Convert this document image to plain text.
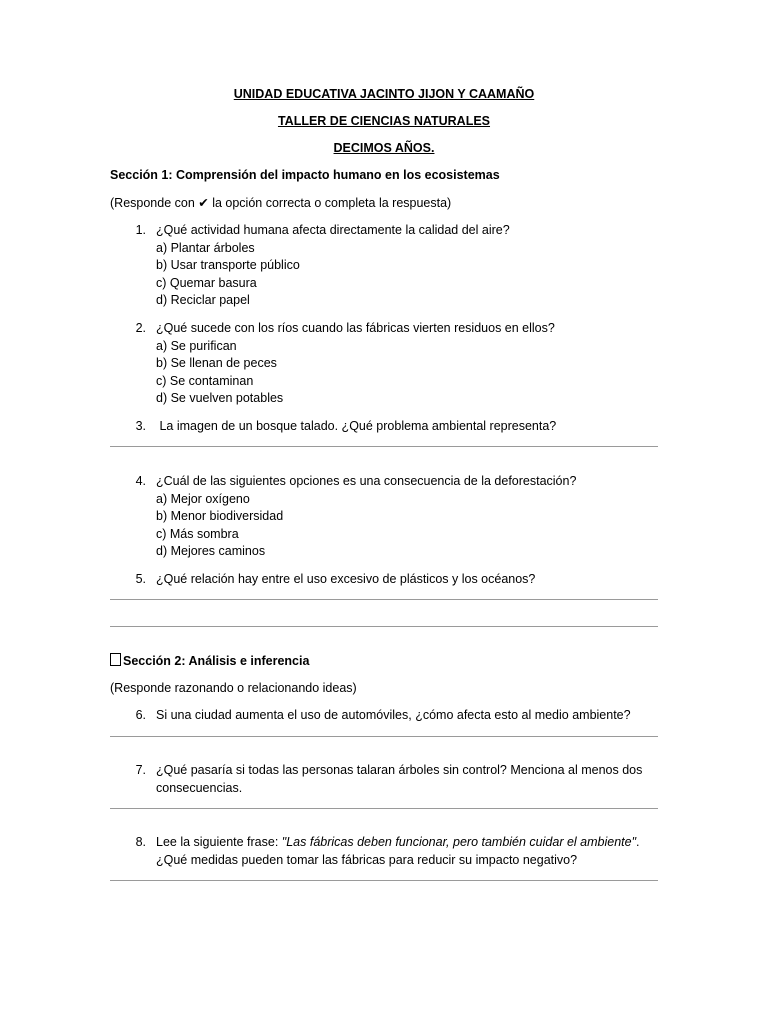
UNIDAD EDUCATIVA JACINTO JIJON Y CAAMAÑO
TALLER DE CIENCIAS NATURALES
DECIMOS AÑOS.
Sección 1: Comprensión del impacto humano en los ecosistemas
(Responde con ✔ la opción correcta o completa la respuesta)
1. ¿Qué actividad humana afecta directamente la calidad del aire?
a) Plantar árboles
b) Usar transporte público
c) Quemar basura
d) Reciclar papel
2. ¿Qué sucede con los ríos cuando las fábricas vierten residuos en ellos?
a) Se purifican
b) Se llenan de peces
c) Se contaminan
d) Se vuelven potables
3. La imagen de un bosque talado. ¿Qué problema ambiental representa?
4. ¿Cuál de las siguientes opciones es una consecuencia de la deforestación?
a) Mejor oxígeno
b) Menor biodiversidad
c) Más sombra
d) Mejores caminos
5. ¿Qué relación hay entre el uso excesivo de plásticos y los océanos?
Sección 2: Análisis e inferencia
(Responde razonando o relacionando ideas)
6. Si una ciudad aumenta el uso de automóviles, ¿cómo afecta esto al medio ambiente?
7. ¿Qué pasaría si todas las personas talaran árboles sin control? Menciona al menos dos
consecuencias.
8. Lee la siguiente frase: "Las fábricas deben funcionar, pero también cuidar el ambiente".
¿Qué medidas pueden tomar las fábricas para reducir su impacto negativo?
